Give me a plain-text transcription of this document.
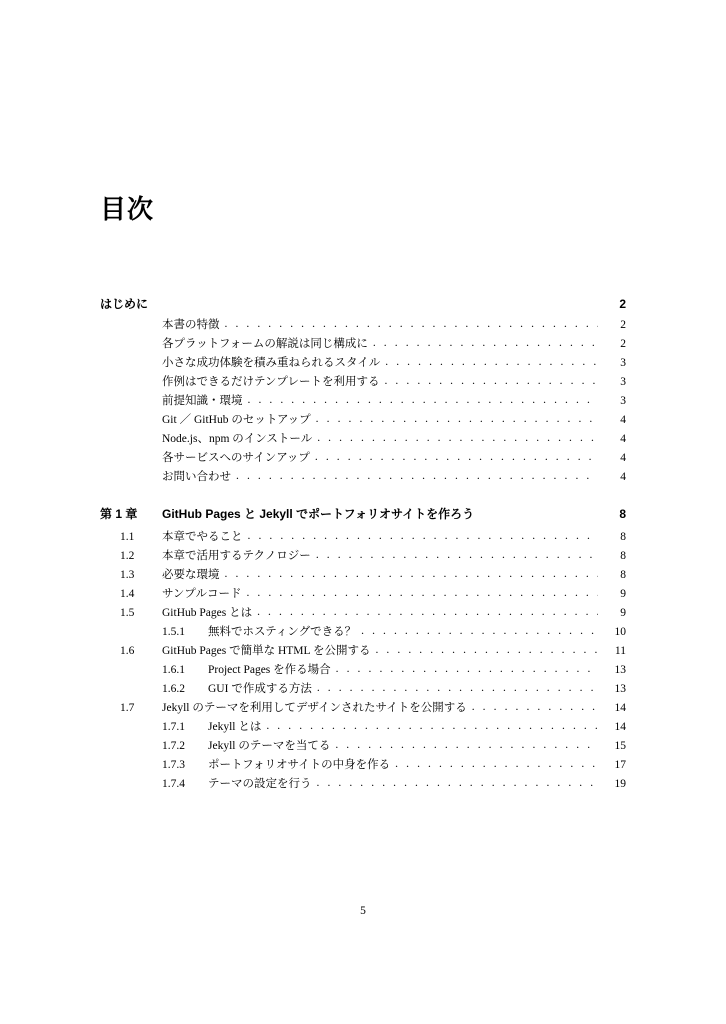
目次
はじめに	2
本書の特徴 . . .	2
各プラットフォームの解説は同じ構成に . . .	2
小さな成功体験を積み重ねられるスタイル . . .	3
作例はできるだけテンプレートを利用する . . .	3
前提知識・環境 . . .	3
Git ／ GitHub のセットアップ . . .	4
Node.js、npm のインストール . . .	4
各サービスへのサインアップ . . .	4
お問い合わせ . . .	4
第 1 章	GitHub Pages と Jekyll でポートフォリオサイトを作ろう	8
1.1	本章でやること . . .	8
1.2	本章で活用するテクノロジー . . .	8
1.3	必要な環境 . . .	8
1.4	サンプルコード . . .	9
1.5	GitHub Pages とは . . .	9
1.5.1	無料でホスティングできる？ . . .	10
1.6	GitHub Pages で簡単な HTML を公開する . . .	11
1.6.1	Project Pages を作る場合 . . .	13
1.6.2	GUI で作成する方法 . . .	13
1.7	Jekyll のテーマを利用してデザインされたサイトを公開する . . .	14
1.7.1	Jekyll とは . . .	14
1.7.2	Jekyll のテーマを当てる . . .	15
1.7.3	ポートフォリオサイトの中身を作る . . .	17
1.7.4	テーマの設定を行う . . .	19
5
